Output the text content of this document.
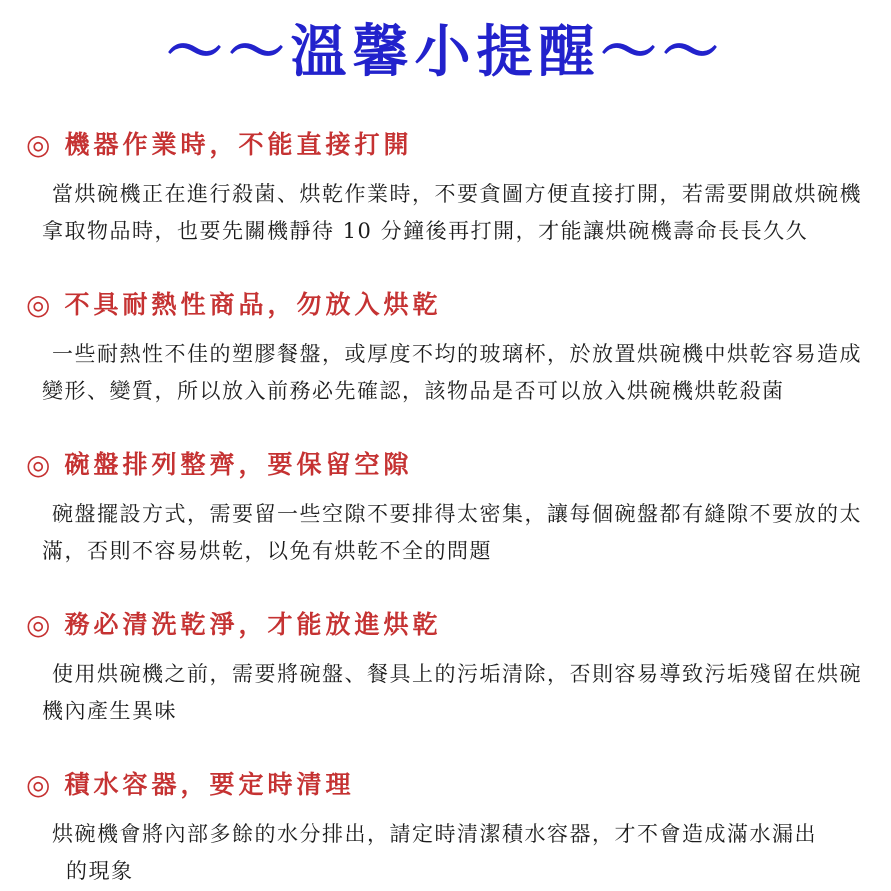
～～溫馨小提醒～～
◎ 機器作業時，不能直接打開
當烘碗機正在進行殺菌、烘乾作業時，不要貪圖方便直接打開，若需要開啟烘碗機
拿取物品時，也要先關機靜待 10 分鐘後再打開，才能讓烘碗機壽命長長久久
◎ 不具耐熱性商品，勿放入烘乾
一些耐熱性不佳的塑膠餐盤，或厚度不均的玻璃杯，於放置烘碗機中烘乾容易造成
變形、變質，所以放入前務必先確認，該物品是否可以放入烘碗機烘乾殺菌
◎ 碗盤排列整齊，要保留空隙
碗盤擺設方式，需要留一些空隙不要排得太密集，讓每個碗盤都有縫隙不要放的太
滿，否則不容易烘乾，以免有烘乾不全的問題
◎ 務必清洗乾淨，才能放進烘乾
使用烘碗機之前，需要將碗盤、餐具上的污垢清除，否則容易導致污垢殘留在烘碗
機內產生異味
◎ 積水容器，要定時清理
烘碗機會將內部多餘的水分排出，請定時清潔積水容器，才不會造成滿水漏出
的現象
